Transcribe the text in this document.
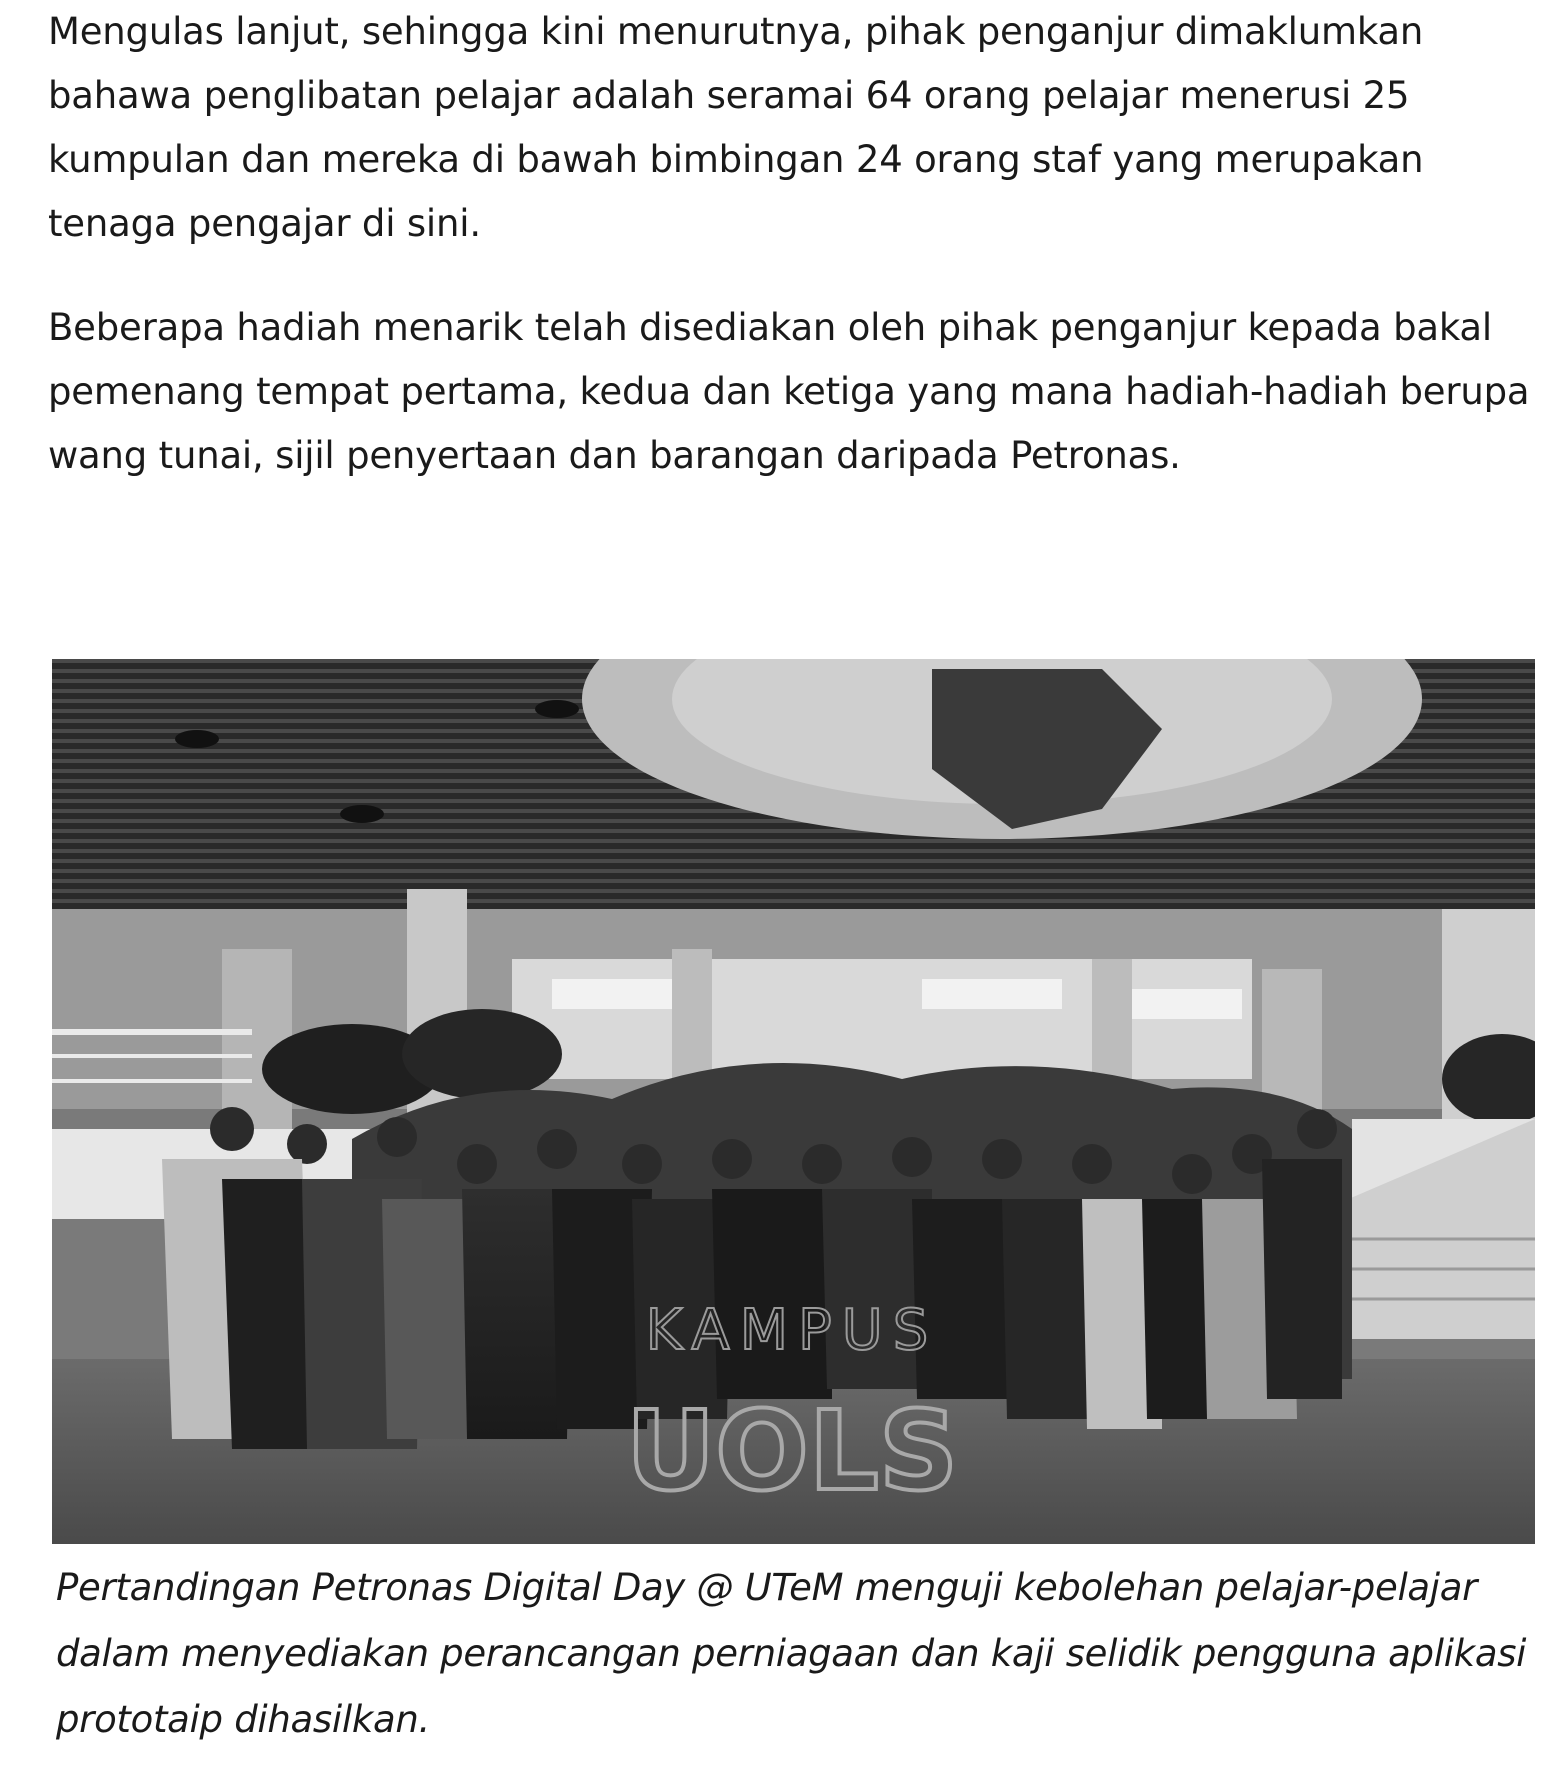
Mengulas lanjut, sehingga kini menurutnya, pihak penganjur dimaklumkan
bahawa penglibatan pelajar adalah seramai 64 orang pelajar menerusi 25
kumpulan dan mereka di bawah bimbingan 24 orang staf yang merupakan
tenaga pengajar di sini.
Beberapa hadiah menarik telah disediakan oleh pihak penganjur kepada bakal
pemenang tempat pertama, kedua dan ketiga yang mana hadiah-hadiah berupa
wang tunai, sijil penyertaan dan barangan daripada Petronas.
KAMPUS
UOLS
Pertandingan Petronas Digital Day @ UTeM menguji kebolehan pelajar-pelajar
dalam menyediakan perancangan perniagaan dan kaji selidik pengguna aplikasi
prototaip dihasilkan.
